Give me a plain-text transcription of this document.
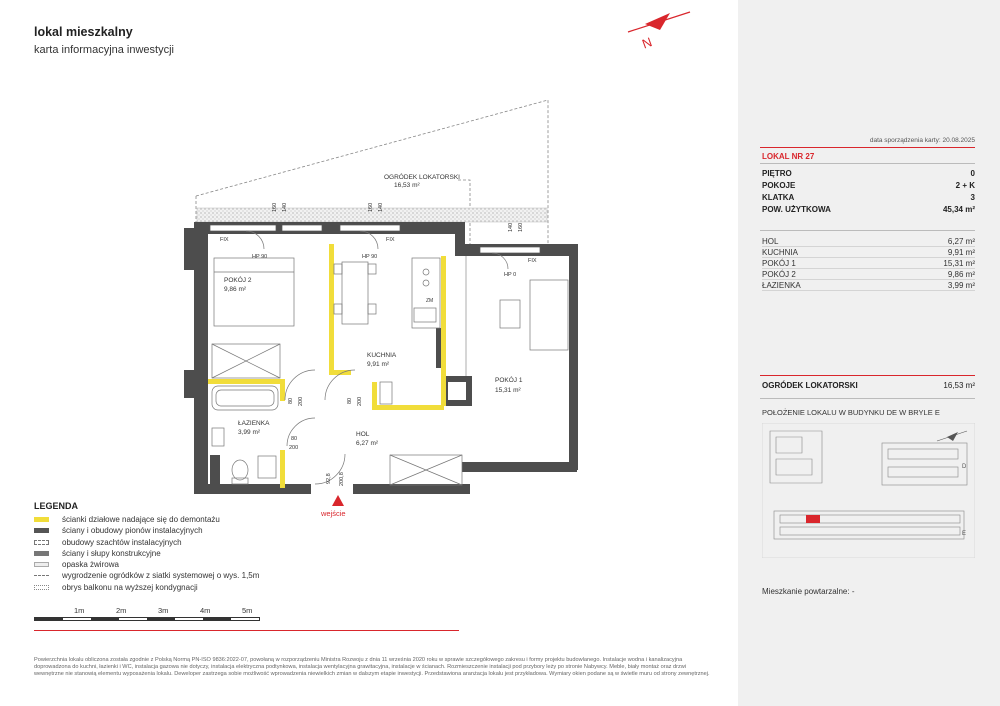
lokal mieszkalny
karta informacyjna inwestycji	N
OGRÓDEK LOKATORSKI
16,53 m²
POKÓJ 2
9,86 m²
KUCHNIA
9,91 m²
POKÓJ 1
15,31 m²
ŁAZIENKA
3,99 m²	HOL
6,27 m²
FIX	FIX
FIX
HP 90	HP 90
HP 0
160 140	160 140
140 160
80 200	80 200
80
200
92,8 200,8
ZM
wejście
LEGENDA
ścianki działowe nadające się do demontażu
ściany i obudowy pionów instalacyjnych
obudowy szachtów instalacyjnych
ściany i słupy konstrukcyjne
opaska żwirowa
wygrodzenie ogródków z siatki systemowej o wys. 1,5m
obrys balkonu na wyższej kondygnacji
1m	2m	3m	4m	5m
Powierzchnia lokalu obliczona została zgodnie z Polską Normą PN-ISO 9836:2022-07, powołaną w rozporządzeniu Ministra Rozwoju z dnia 11 września 2020 roku w sprawie szczegółowego zakresu i formy projektu budowlanego. Instalacje wodna i kanalizacyjna doprowadzona do kuchni, łazienki i WC, instalacja gazowa nie dotyczy, instalacja elektryczna podtynkowa, instalacja wentylacyjna grawitacyjna, instalacje w ścianach. Rozmieszczenie instalacji pod przybory leży po stronie Nabywcy. Meble, biały montaż oraz drzwi wewnętrzne nie stanowią elementu wyposażenia lokalu. Deweloper zastrzega sobie możliwość wprowadzenia niewielkich zmian w dalszym etapie inwestycji. Przedstawiona aranżacja lokalu jest przykładowa. Wymiary okien podane są w świetle muru od strony zewnętrznej.
data sporządzenia karty: 20.08.2025
LOKAL NR 27
PIĘTRO	0
POKOJE	2 + K
KLATKA	3
POW. UŻYTKOWA	45,34 m²
HOL	6,27 m²
KUCHNIA	9,91 m²
POKÓJ 1	15,31 m²
POKÓJ 2	9,86 m²
ŁAZIENKA	3,99 m²
OGRÓDEK LOKATORSKI	16,53 m²
POŁOŻENIE LOKALU W BUDYNKU DE W BRYLE E
D
E
Mieszkanie powtarzalne: -
